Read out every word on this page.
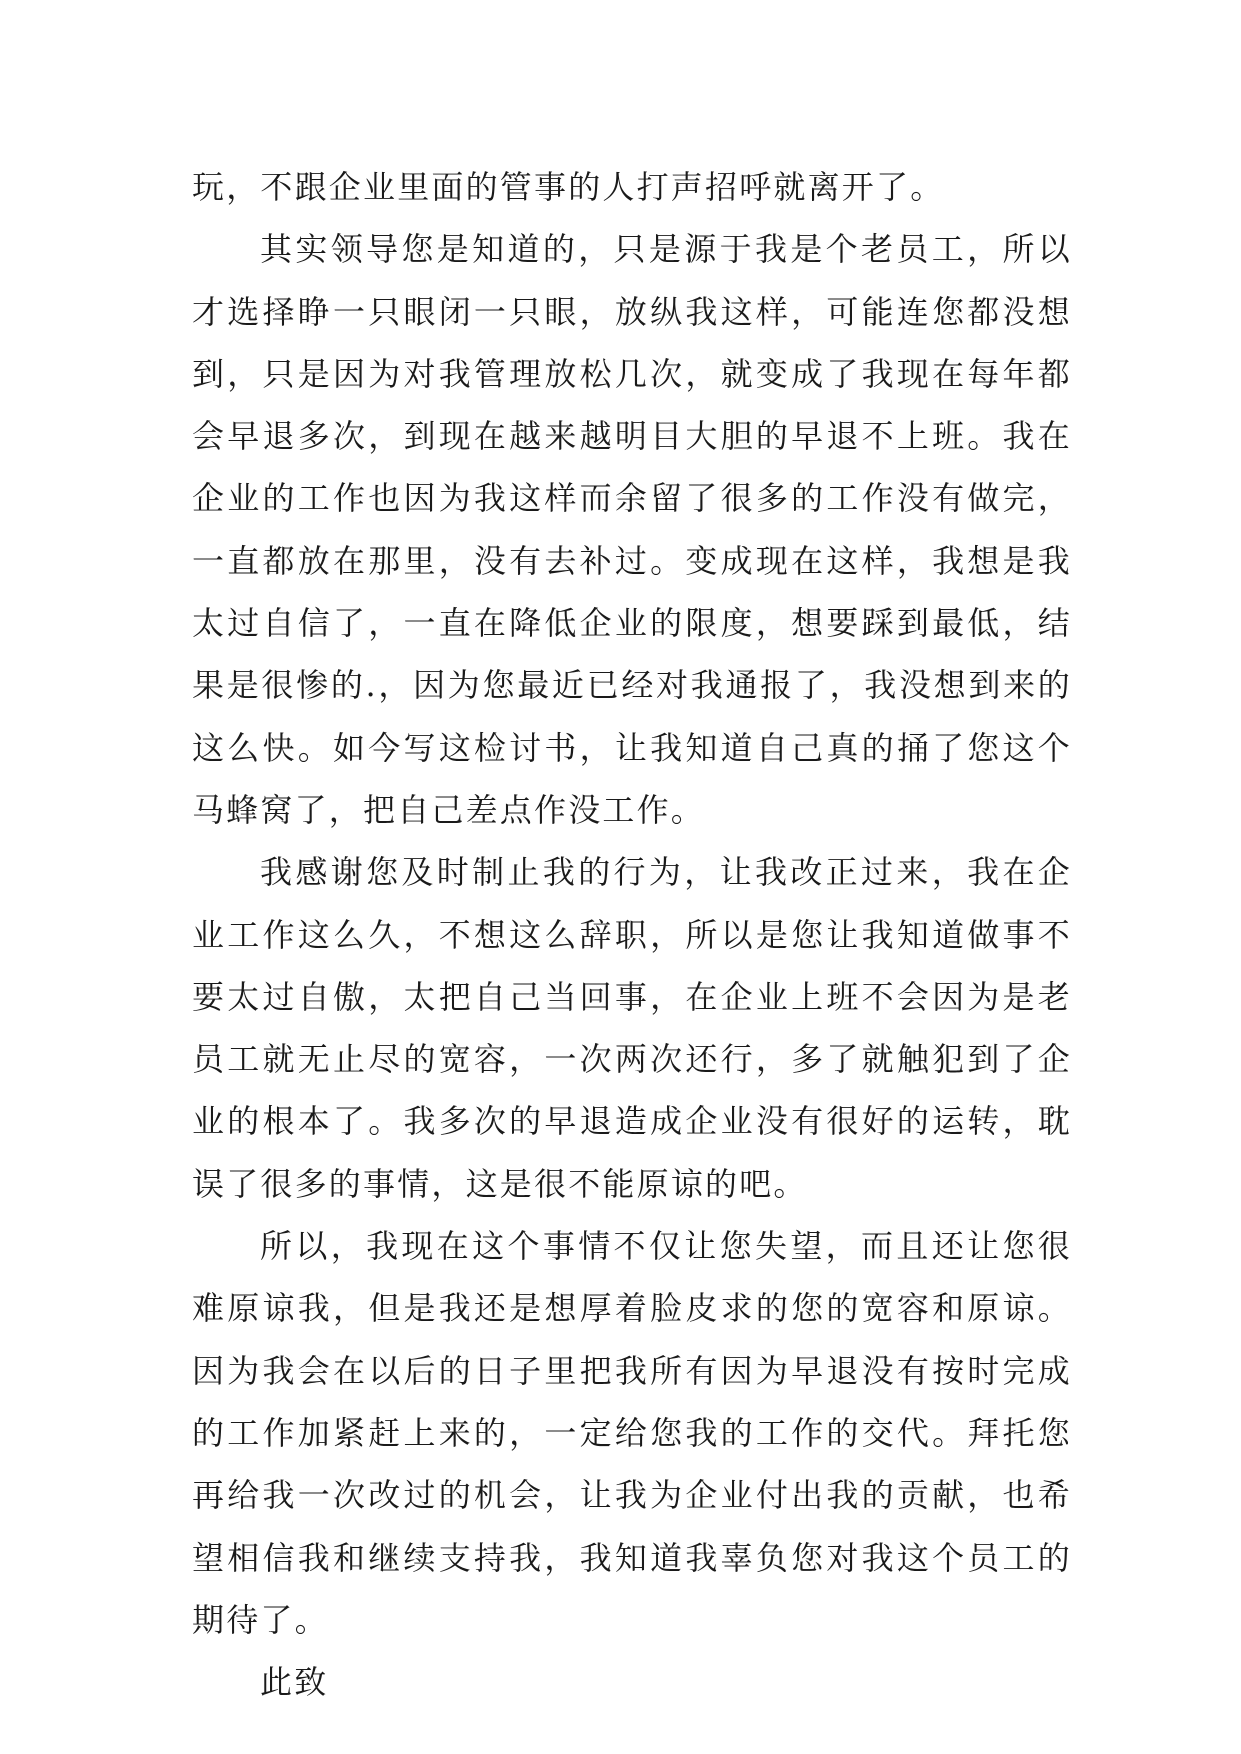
玩，不跟企业里面的管事的人打声招呼就离开了。

其实领导您是知道的，只是源于我是个老员工，所以才选择睁一只眼闭一只眼，放纵我这样，可能连您都没想到，只是因为对我管理放松几次，就变成了我现在每年都会早退多次，到现在越来越明目大胆的早退不上班。我在企业的工作也因为我这样而余留了很多的工作没有做完，一直都放在那里，没有去补过。变成现在这样，我想是我太过自信了，一直在降低企业的限度，想要踩到最低，结果是很惨的.，因为您最近已经对我通报了，我没想到来的这么快。如今写这检讨书，让我知道自己真的捅了您这个马蜂窝了，把自己差点作没工作。

我感谢您及时制止我的行为，让我改正过来，我在企业工作这么久，不想这么辞职，所以是您让我知道做事不要太过自傲，太把自己当回事，在企业上班不会因为是老员工就无止尽的宽容，一次两次还行，多了就触犯到了企业的根本了。我多次的早退造成企业没有很好的运转，耽误了很多的事情，这是很不能原谅的吧。

所以，我现在这个事情不仅让您失望，而且还让您很难原谅我，但是我还是想厚着脸皮求的您的宽容和原谅。因为我会在以后的日子里把我所有因为早退没有按时完成的工作加紧赶上来的，一定给您我的工作的交代。拜托您再给我一次改过的机会，让我为企业付出我的贡献，也希望相信我和继续支持我，我知道我辜负您对我这个员工的期待了。

此致
